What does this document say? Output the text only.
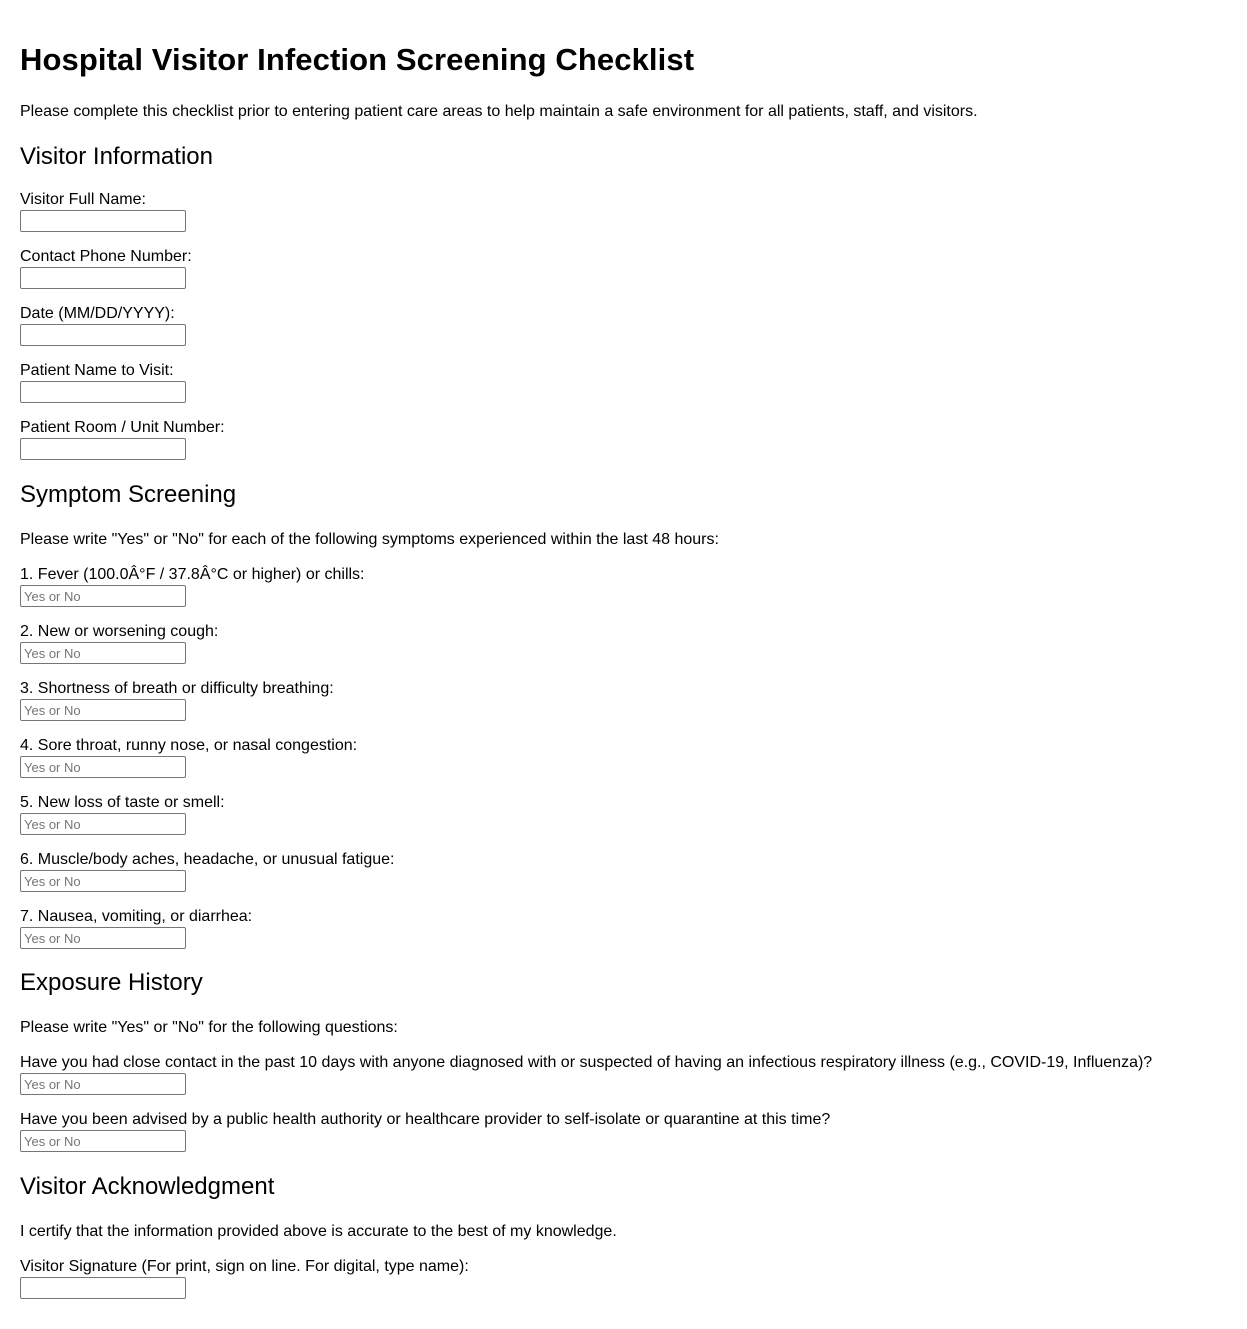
Hospital Visitor Infection Screening Checklist

Please complete this checklist prior to entering patient care areas to help maintain a safe environment for all patients, staff, and visitors.

Visitor Information
Visitor Full Name:
Contact Phone Number:
Date (MM/DD/YYYY):
Patient Name to Visit:
Patient Room / Unit Number:
Symptom Screening

Please write "Yes" or "No" for each of the following symptoms experienced within the last 48 hours:

1. Fever (100.0Â°F / 37.8Â°C or higher) or chills:
Yes or No
2. New or worsening cough:
Yes or No
3. Shortness of breath or difficulty breathing:
Yes or No
4. Sore throat, runny nose, or nasal congestion:
Yes or No
5. New loss of taste or smell:
Yes or No
6. Muscle/body aches, headache, or unusual fatigue:
Yes or No
7. Nausea, vomiting, or diarrhea:
Yes or No
Exposure History

Please write "Yes" or "No" for the following questions:

Have you had close contact in the past 10 days with anyone diagnosed with or suspected of having an infectious respiratory illness (e.g., COVID-19, Influenza)?
Yes or No
Have you been advised by a public health authority or healthcare provider to self-isolate or quarantine at this time?
Yes or No
Visitor Acknowledgment

I certify that the information provided above is accurate to the best of my knowledge.

Visitor Signature (For print, sign on line. For digital, type name):
